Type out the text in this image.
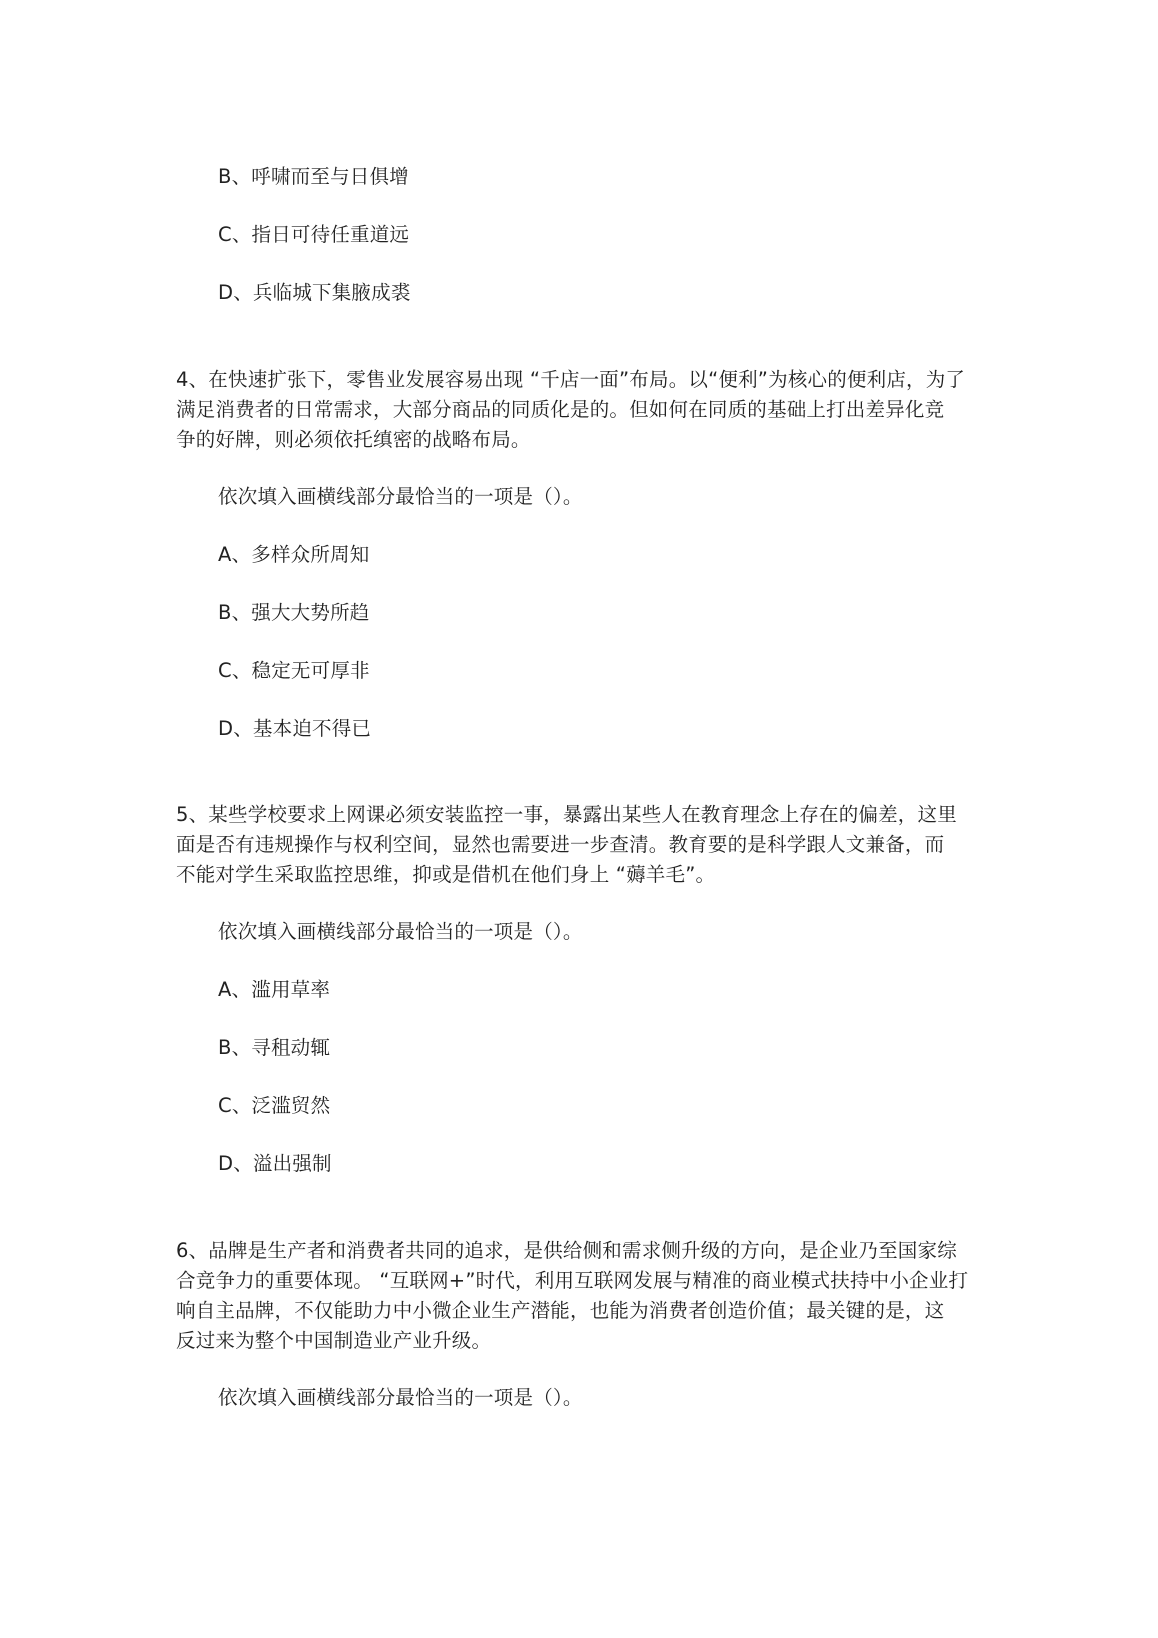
B、呼啸而至与日俱增
C、指日可待任重道远
D、兵临城下集腋成裘
4、在快速扩张下，零售业发展容易出现 “千店一面”布局。以“便利”为核心的便利店，为了
满足消费者的日常需求，大部分商品的同质化是的。但如何在同质的基础上打出差异化竞
争的好牌，则必须依托缜密的战略布局。
依次填入画横线部分最恰当的一项是（）。
A、多样众所周知
B、强大大势所趋
C、稳定无可厚非
D、基本迫不得已
5、某些学校要求上网课必须安装监控一事，暴露出某些人在教育理念上存在的偏差，这里
面是否有违规操作与权利空间，显然也需要进一步查清。教育要的是科学跟人文兼备，而
不能对学生采取监控思维，抑或是借机在他们身上 “薅羊毛”。
依次填入画横线部分最恰当的一项是（）。
A、滥用草率
B、寻租动辄
C、泛滥贸然
D、溢出强制
6、品牌是生产者和消费者共同的追求，是供给侧和需求侧升级的方向，是企业乃至国家综
合竞争力的重要体现。 “互联网+”时代，利用互联网发展与精准的商业模式扶持中小企业打
响自主品牌，不仅能助力中小微企业生产潜能，也能为消费者创造价值；最关键的是，这
反过来为整个中国制造业产业升级。
依次填入画横线部分最恰当的一项是（）。
